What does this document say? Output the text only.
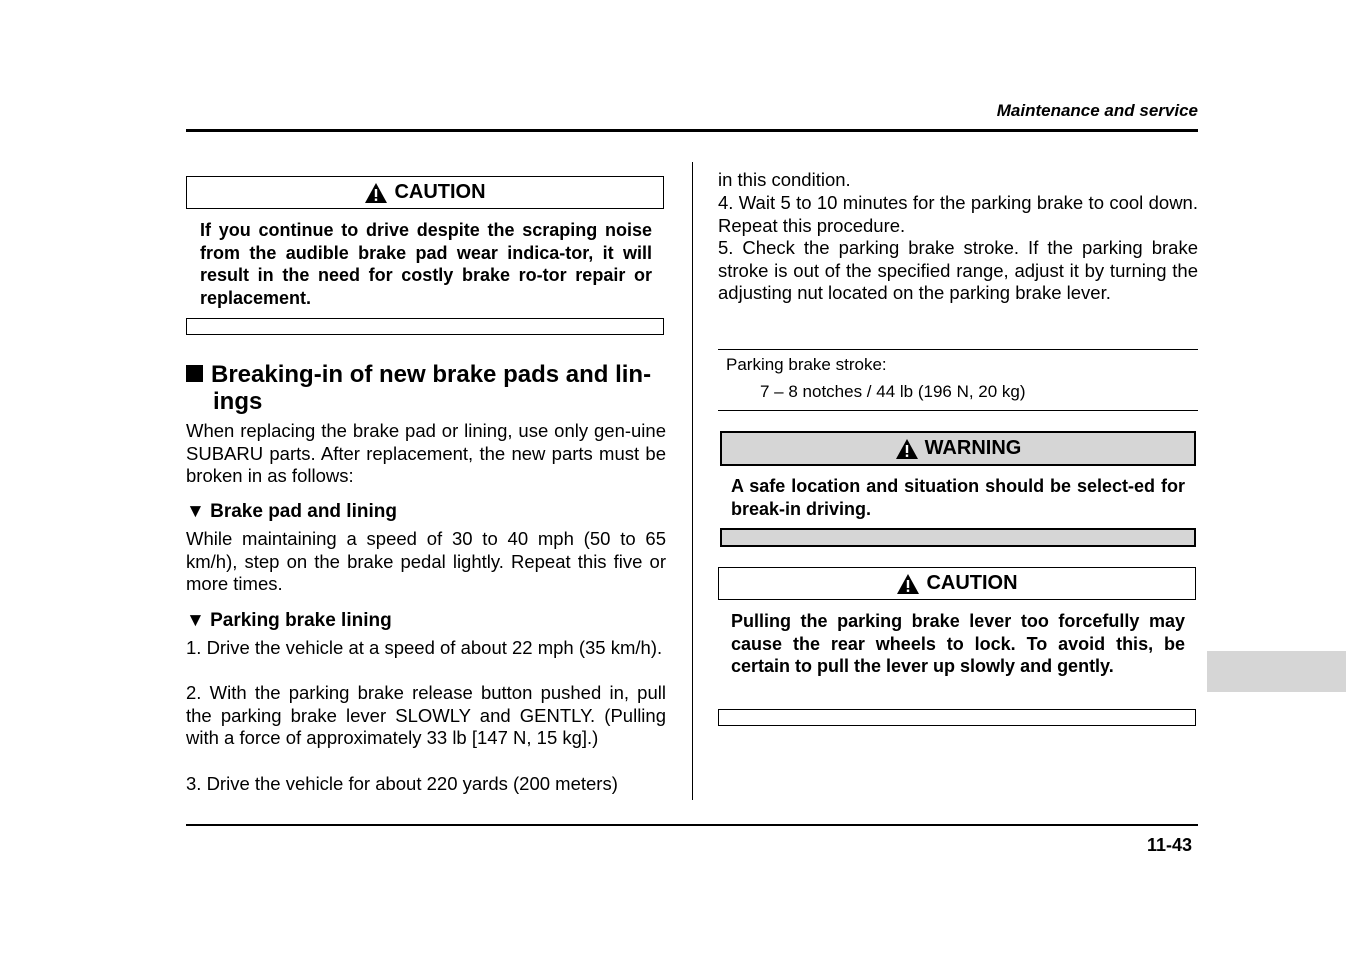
Maintenance and service
11-43
CAUTION
If you continue to drive despite the scraping noise from the audible brake pad wear indica-tor, it will result in the need for costly brake ro-tor repair or replacement.
Breaking-in of new brake pads and lin-
ings
When replacing the brake pad or lining, use only gen-uine SUBARU parts. After replacement, the new parts must be broken in as follows:
▼ Brake pad and lining
While maintaining a speed of 30 to 40 mph (50 to 65 km/h), step on the brake pedal lightly. Repeat this five or more times.
▼ Parking brake lining
1. Drive the vehicle at a speed of about 22 mph (35 km/h).
2. With the parking brake release button pushed in, pull the parking brake lever SLOWLY and GENTLY. (Pulling with a force of approximately 33 lb [147 N, 15 kg].)
3. Drive the vehicle for about 220 yards (200 meters)
in this condition.
4. Wait 5 to 10 minutes for the parking brake to cool down. Repeat this procedure.
5. Check the parking brake stroke. If the parking brake stroke is out of the specified range, adjust it by turning the adjusting nut located on the parking brake lever.
Parking brake stroke:
7 – 8 notches / 44 lb (196 N, 20 kg)
WARNING
A safe location and situation should be select-ed for break-in driving.
CAUTION
Pulling the parking brake lever too forcefully may cause the rear wheels to lock. To avoid this, be certain to pull the lever up slowly and gently.
